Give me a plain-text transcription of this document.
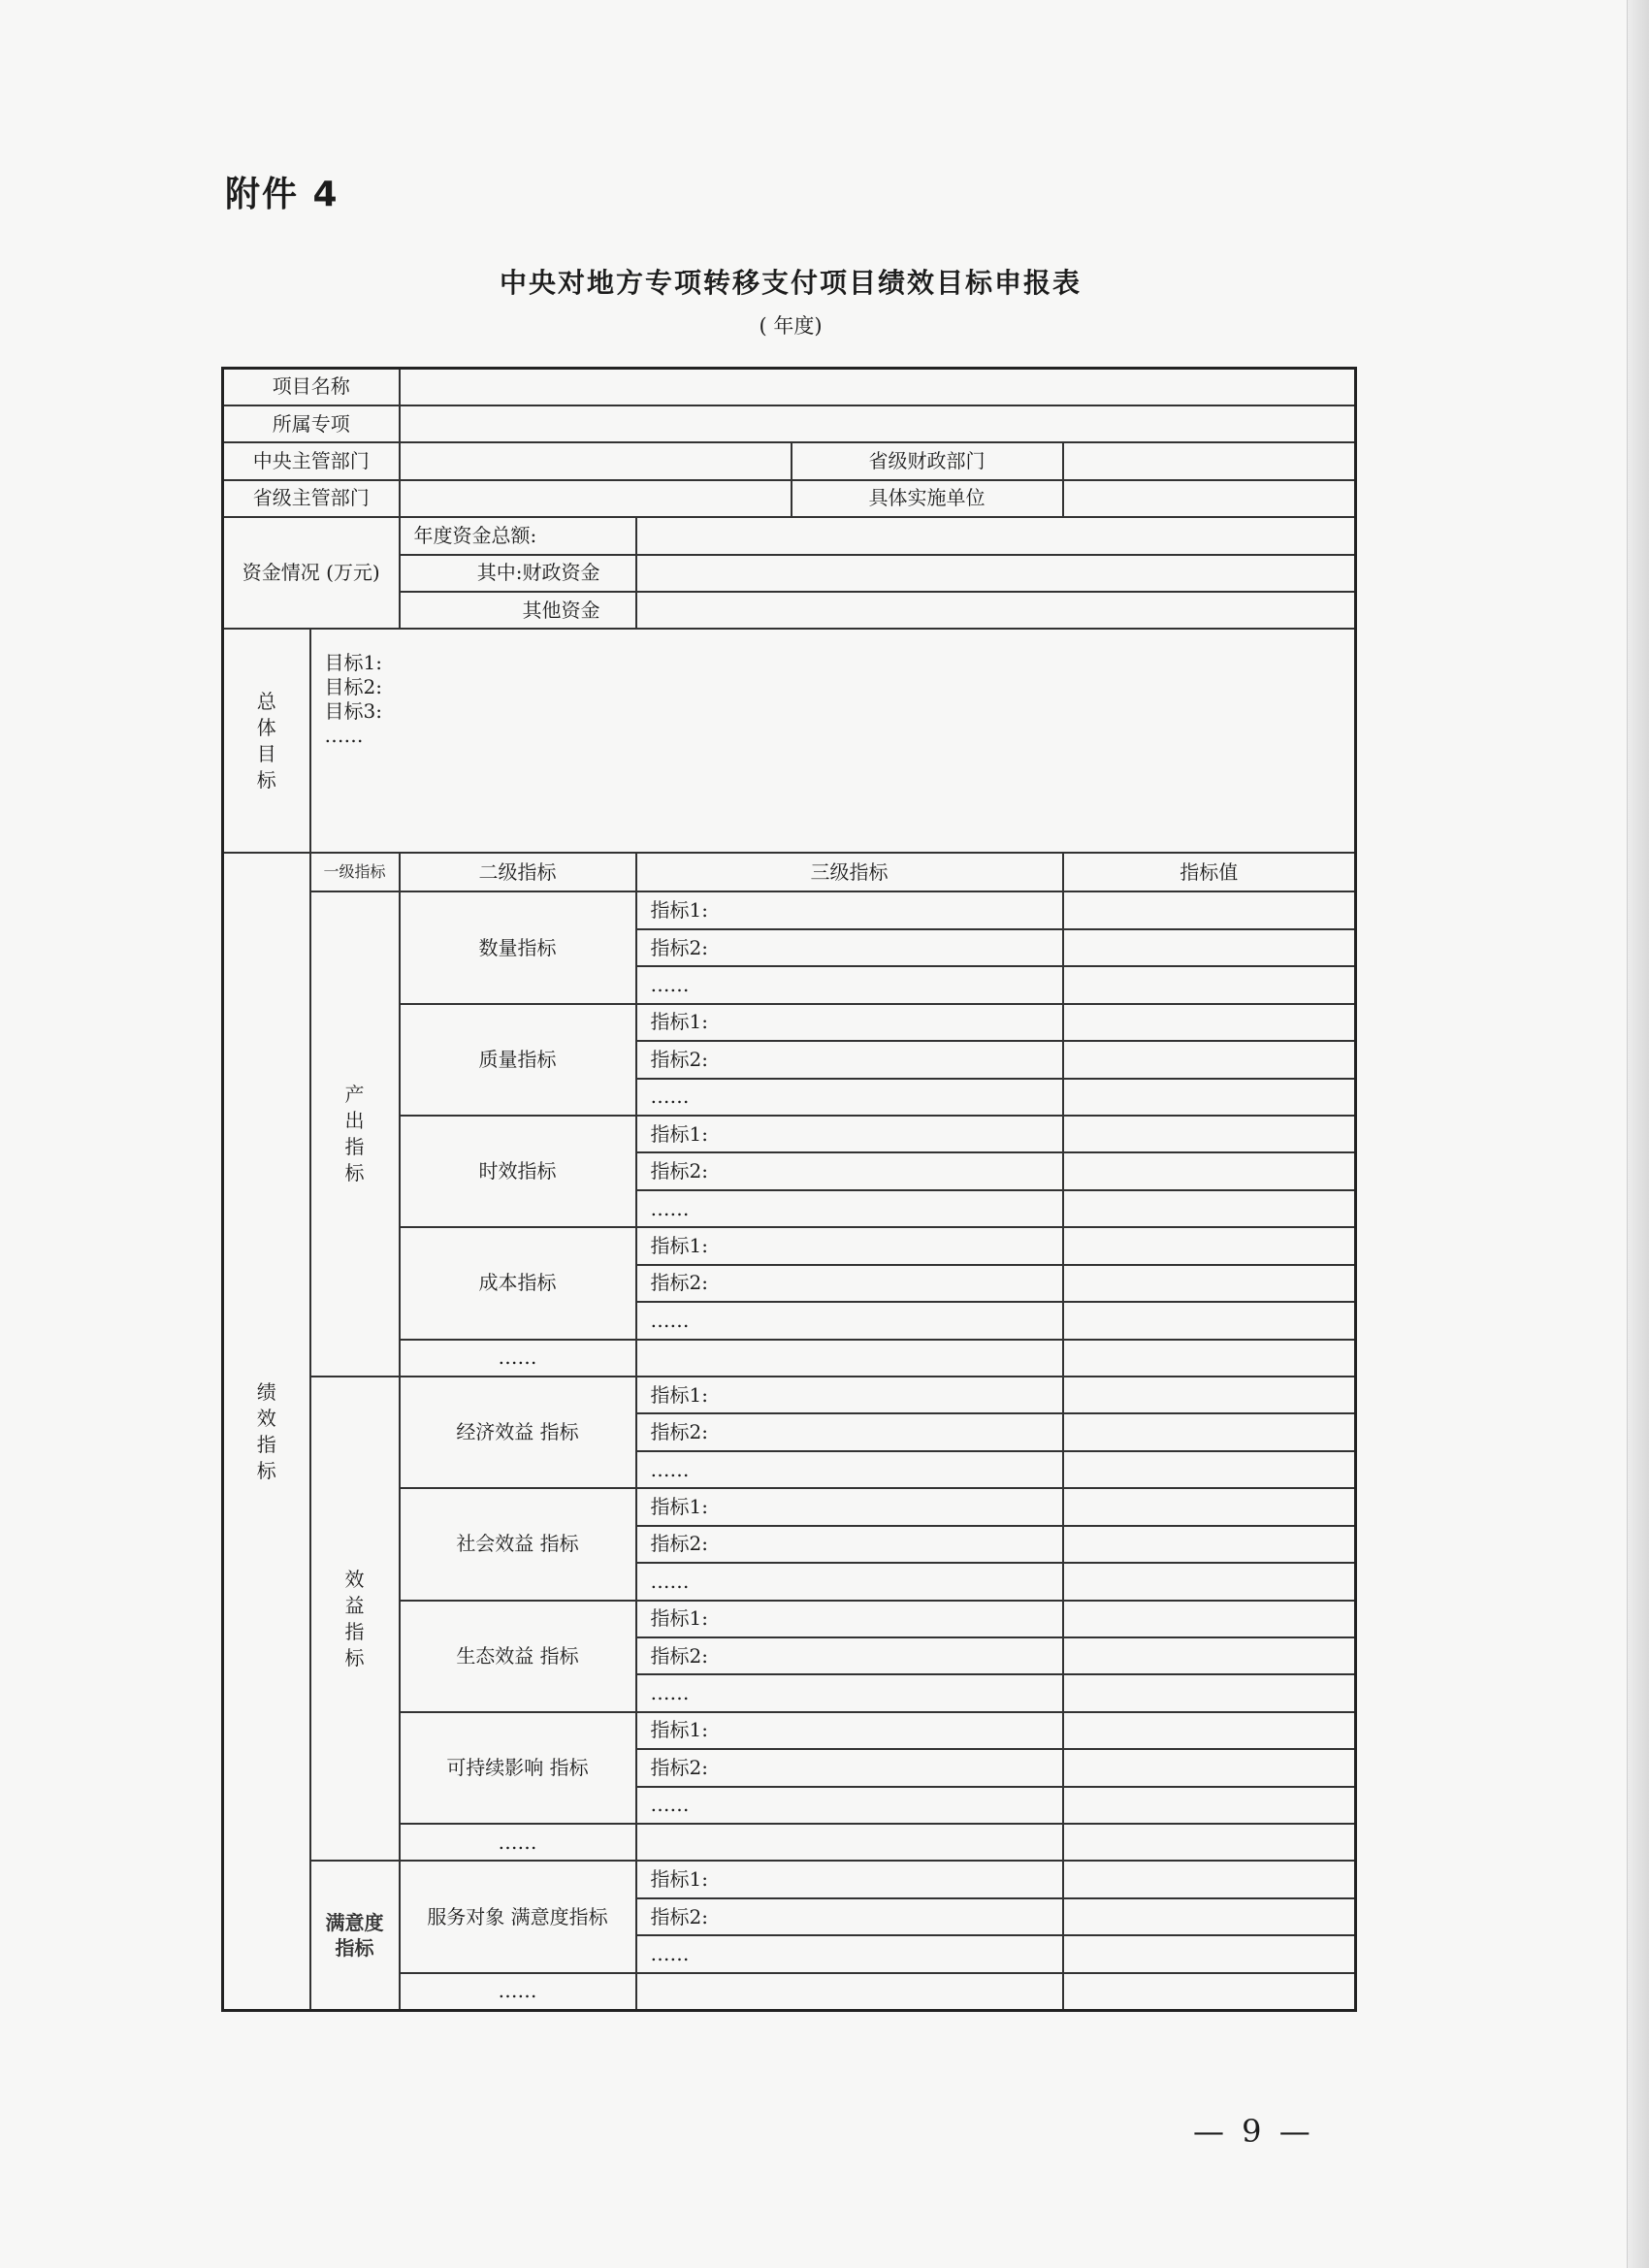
附件 4
中央对地方专项转移支付项目绩效目标申报表
( 年度)
项目名称					
所属专项					
中央主管部门				省级财政部门	
省级主管部门				具体实施单位	
资金情况 (万元)		年度资金总额:			
		其中:财政资金			
		其他资金			
总体目标	目标1:
目标2:
目标3:
……				

绩效指标	一级指标	二级指标	三级指标		指标值
	产出指标	数量指标	指标1:		
			指标2:		
			……		
		质量指标	指标1:		
			指标2:		
			……		
		时效指标	指标1:		
			指标2:		
			……		
		成本指标	指标1:		
			指标2:		
			……		
		……			
	效益指标	经济效益 指标	指标1:		
			指标2:		
			……		
		社会效益 指标	指标1:		
			指标2:		
			……		
		生态效益 指标	指标1:		
			指标2:		
			……		
		可持续影响 指标	指标1:		
			指标2:		
			……		
		……			
	满意度指标	服务对象 满意度指标	指标1:		
			指标2:		
			……		
		……			
— 9 —
